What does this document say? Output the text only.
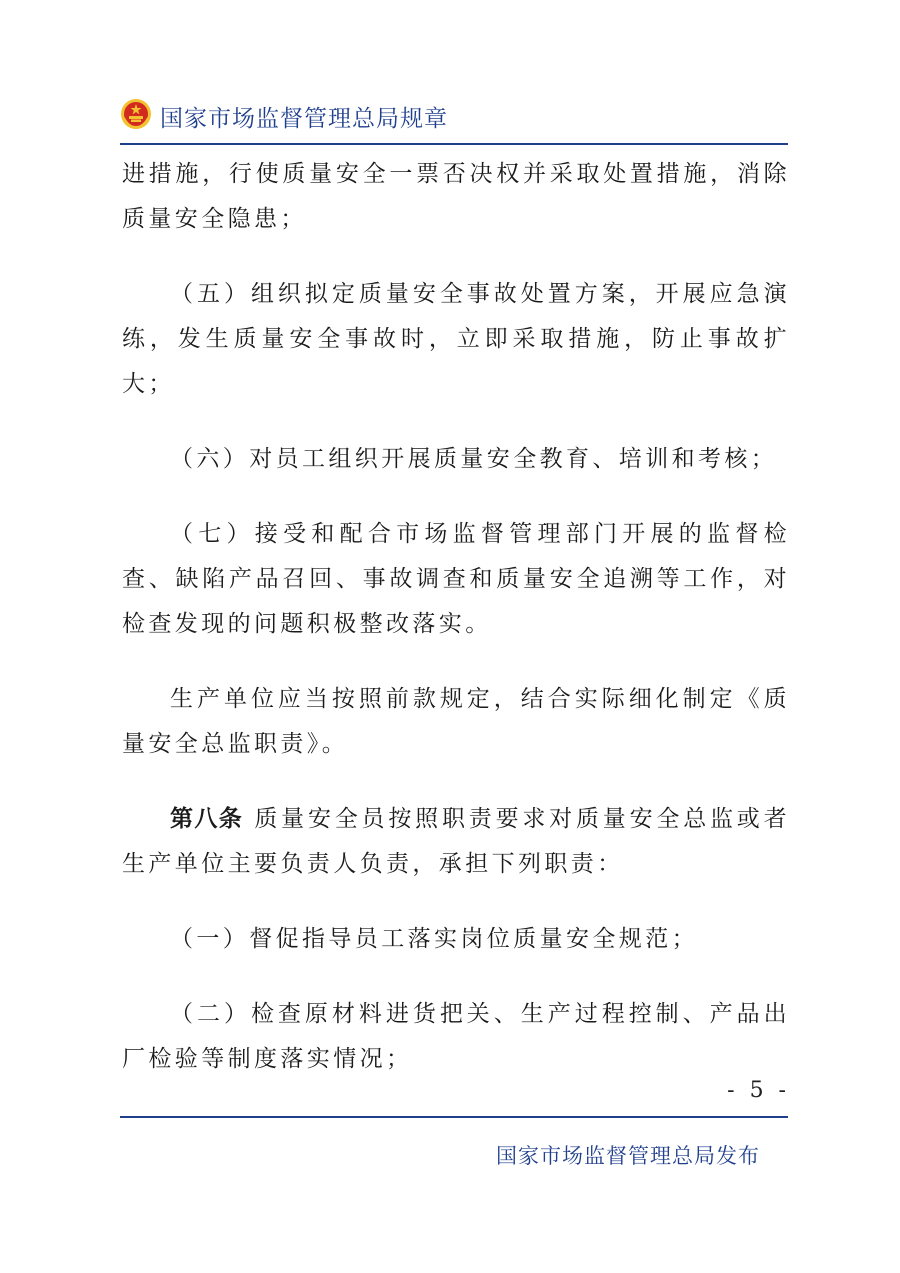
国家市场监督管理总局规章

进措施，行使质量安全一票否决权并采取处置措施，消除质量安全隐患；

（五）组织拟定质量安全事故处置方案，开展应急演练，发生质量安全事故时，立即采取措施，防止事故扩大；

（六）对员工组织开展质量安全教育、培训和考核；

（七）接受和配合市场监督管理部门开展的监督检查、缺陷产品召回、事故调查和质量安全追溯等工作，对检查发现的问题积极整改落实。

生产单位应当按照前款规定，结合实际细化制定《质量安全总监职责》。

第八条 质量安全员按照职责要求对质量安全总监或者生产单位主要负责人负责，承担下列职责：

（一）督促指导员工落实岗位质量安全规范；

（二）检查原材料进货把关、生产过程控制、产品出厂检验等制度落实情况；

- 5 -
国家市场监督管理总局发布
